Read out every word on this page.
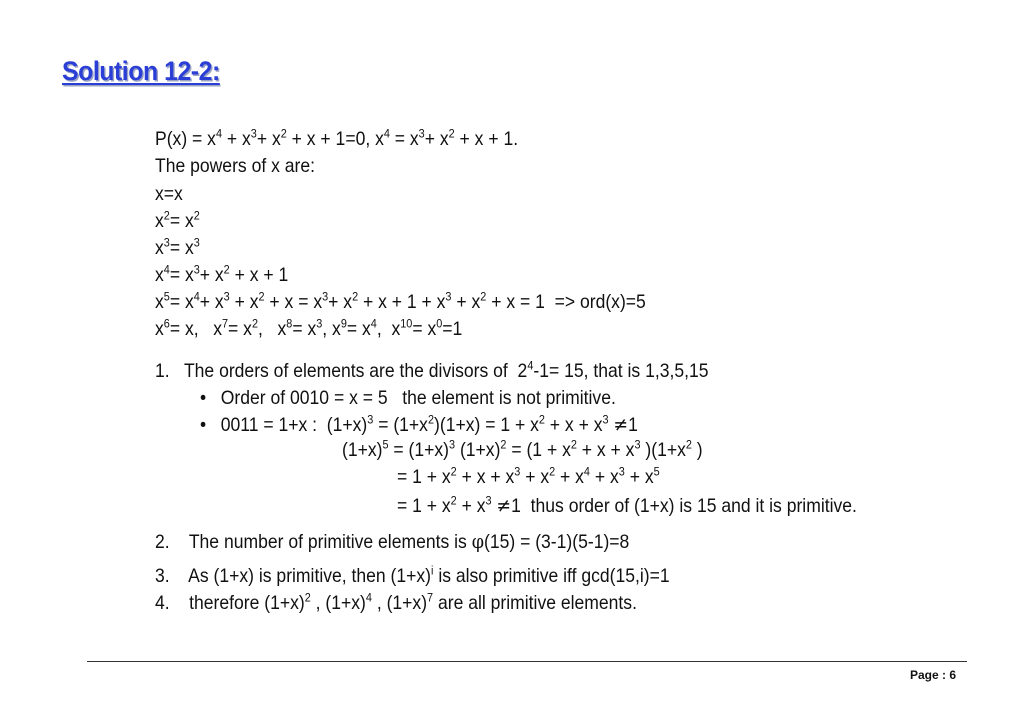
Solution 12-2:
$P(x) = x^4 + x^3+ x^2 + x + 1=0$, $x^4 = x^3+ x^2 + x + 1$.
The powers of x are:
x=x
$x^2= x^2$
$x^3= x^3$
$x^4= x^3+ x^2 + x + 1$
$x^5= x^4+ x^3 + x^2 + x = x^3+ x^2 + x + 1 + x^3 + x^2 + x = 1 => ord(x)=5$
$x^6= x$,   $x^7= x^2$,   $x^8= x^3$, $x^9= x^4$,  $x^{10}= x^0=1$
1.   The orders of elements are the divisors of  $2^4-1= 15$, that is 1,3,5,15
•   Order of 0010 = x = 5   the element is not primitive.
•   0011 = 1+x :  $(1+x)^3 = (1+x^2)(1+x) = 1 + x^2 + x + x^3 \ne 1$
$(1+x)^5 = (1+x)^3$ $(1+x)^2 = (1 + x^2 + x + x^3$ )($1+x^2$ )
= $1 + x^2 + x + x^3 + x^2 + x^4 + x^3 + x^5$
= $1 + x^2 + x^3 \ne 1$  thus order of (1+x) is 15 and it is primitive.
2.    The number of primitive elements is φ(15) = (3-1)(5-1)=8
3.    As (1+x) is primitive, then $(1+x)^i$ is also primitive iff gcd(15,i)=1
4.    therefore $(1+x)^2$ , $(1+x)^4$ , $(1+x)^7$ are all primitive elements.
Page : 6
